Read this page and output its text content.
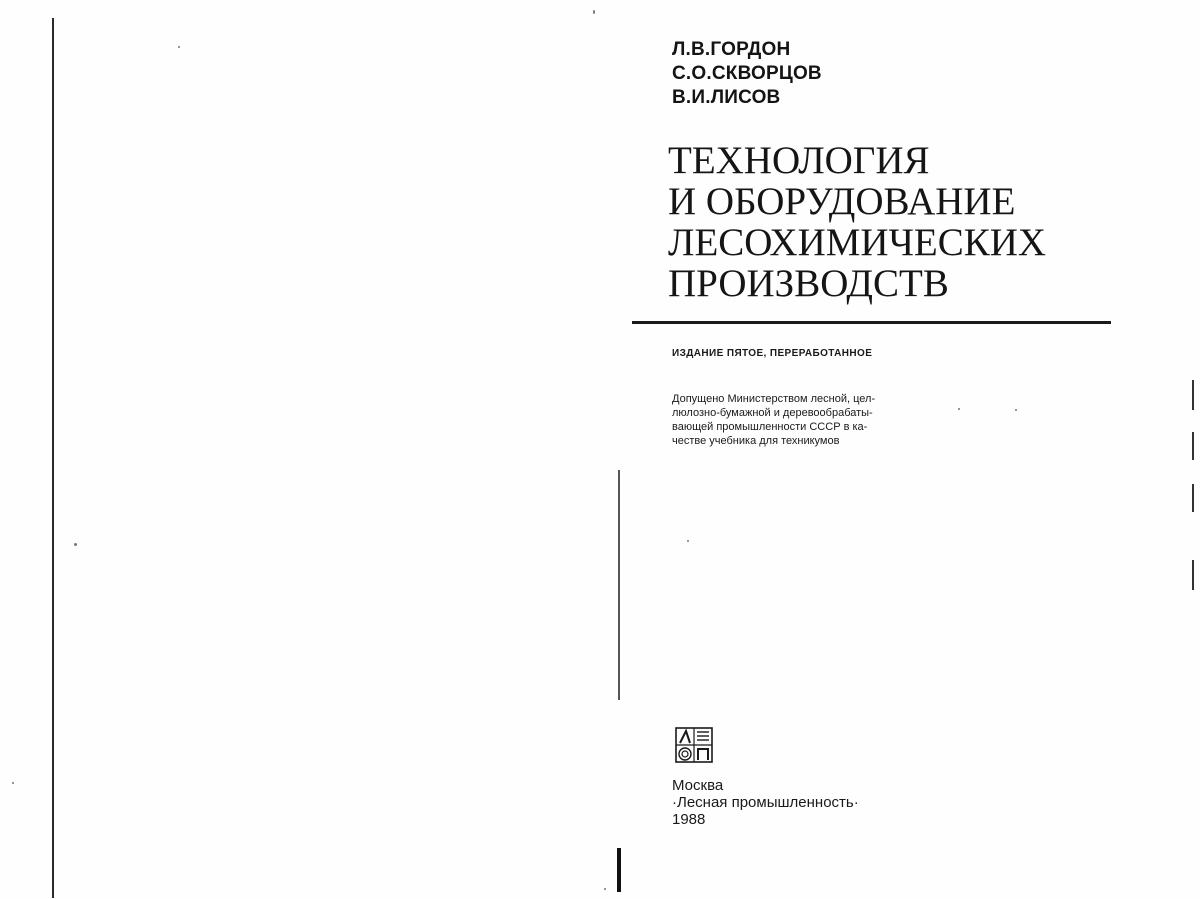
Л.В.ГОРДОН
С.О.СКВОРЦОВ
В.И.ЛИСОВ
ТЕХНОЛОГИЯ
И ОБОРУДОВАНИЕ
ЛЕСОХИМИЧЕСКИХ
ПРОИЗВОДСТВ
ИЗДАНИЕ ПЯТОЕ, ПЕРЕРАБОТАННОЕ
Допущено Министерством лесной, цел-
люлозно-бумажной и деревообрабаты-
вающей промышленности СССР в ка-
честве учебника для техникумов
Москва
·Лесная промышленность·
1988
